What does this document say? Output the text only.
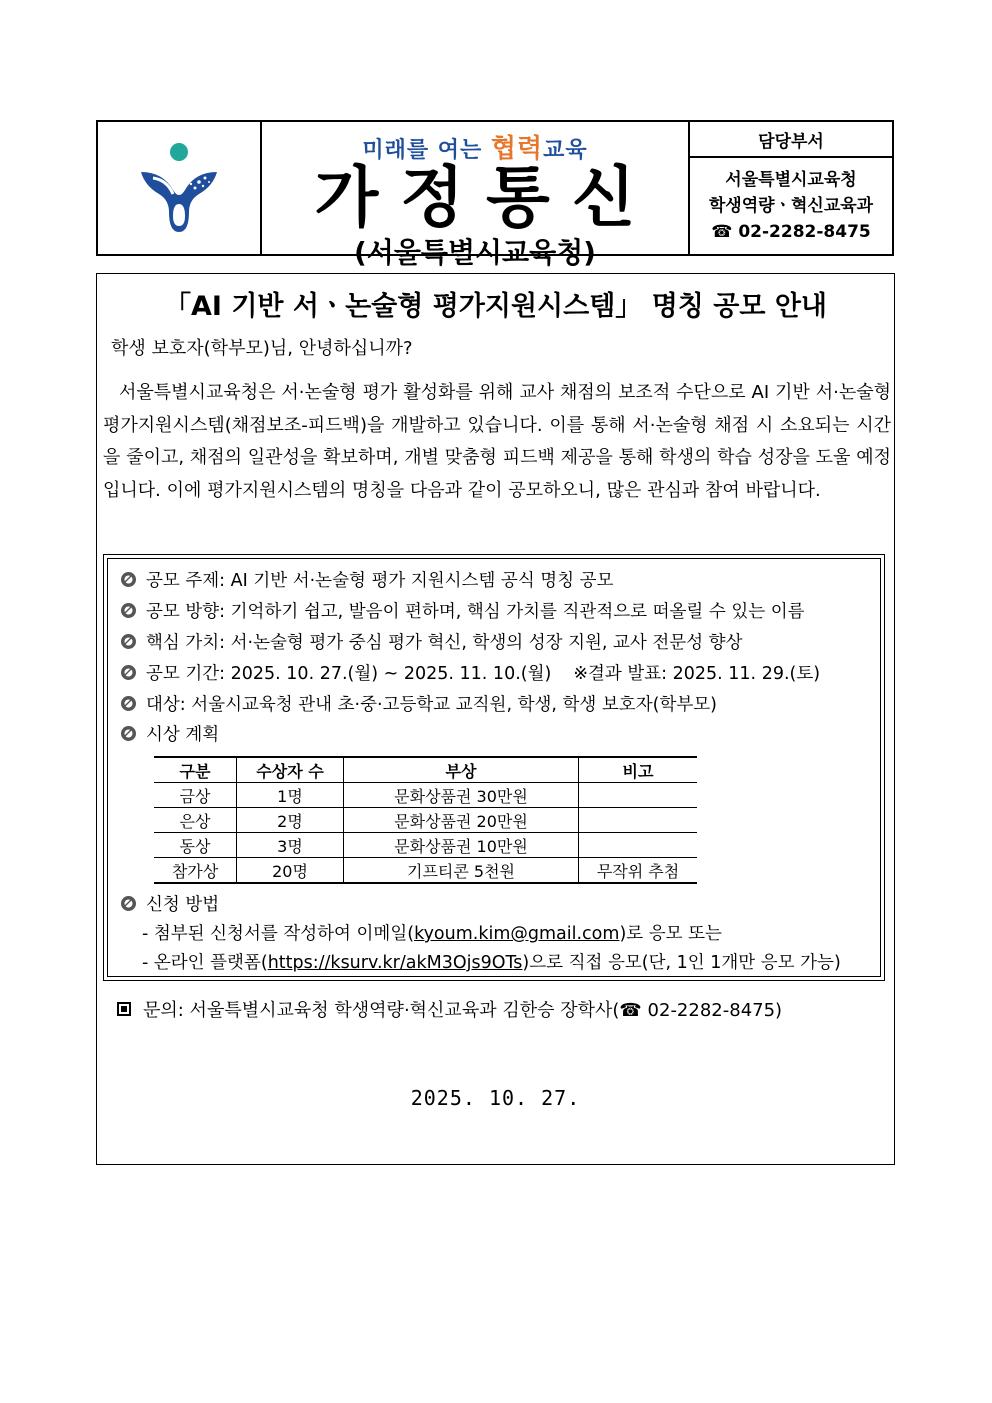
미래를 여는 협력교육
가정통신
(서울특별시교육청)
담당부서
서울특별시교육청
학생역량ㆍ혁신교육과
☎ 02-2282-8475
「AI 기반 서ㆍ논술형 평가지원시스템」 명칭 공모 안내
학생 보호자(학부모)님, 안녕하십니까?
서울특별시교육청은 서·논술형 평가 활성화를 위해 교사 채점의 보조적 수단으로 AI 기반 서·논술형 평가지원시스템(채점보조-피드백)을 개발하고 있습니다. 이를 통해 서·논술형 채점 시 소요되는 시간을 줄이고, 채점의 일관성을 확보하며, 개별 맞춤형 피드백 제공을 통해 학생의 학습 성장을 도울 예정입니다. 이에 평가지원시스템의 명칭을 다음과 같이 공모하오니, 많은 관심과 참여 바랍니다.
공모 주제: AI 기반 서·논술형 평가 지원시스템 공식 명칭 공모
공모 방향: 기억하기 쉽고, 발음이 편하며, 핵심 가치를 직관적으로 떠올릴 수 있는 이름
핵심 가치: 서·논술형 평가 중심 평가 혁신, 학생의 성장 지원, 교사 전문성 향상
공모 기간: 2025. 10. 27.(월) ~ 2025. 11. 10.(월) ※결과 발표: 2025. 11. 29.(토)
대상: 서울시교육청 관내 초·중·고등학교 교직원, 학생, 학생 보호자(학부모)
시상 계획
구분	수상자 수	부상	비고
금상	1명	문화상품권 30만원	
은상	2명	문화상품권 20만원	
동상	3명	문화상품권 10만원	
참가상	20명	기프티콘 5천원	무작위 추첨
신청 방법
- 첨부된 신청서를 작성하여 이메일(kyoum.kim@gmail.com)로 응모 또는
- 온라인 플랫폼(https://ksurv.kr/akM3Ojs9OTs)으로 직접 응모(단, 1인 1개만 응모 가능)
문의: 서울특별시교육청 학생역량·혁신교육과 김한승 장학사(☎ 02-2282-8475)
2025. 10. 27.
